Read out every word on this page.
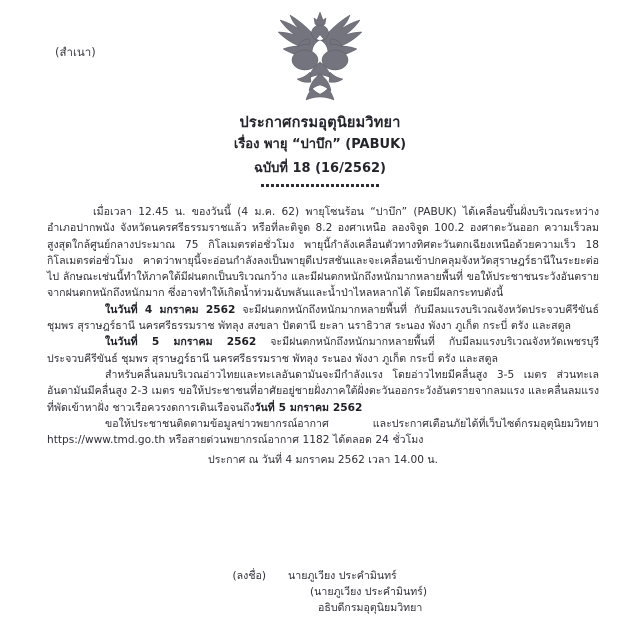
(สำเนา)
ประกาศกรมอุตุนิยมวิทยา
เรื่อง พายุ “ปาบึก” (PABUK)
ฉบับที่ 18 (16/2562)

เมื่อเวลา 12.45 น. ของวันนี้ (4 ม.ค. 62) พายุโซนร้อน “ปาบึก” (PABUK) ได้เคลื่อนขึ้นฝั่งบริเวณระหว่างอำเภอปากพนัง จังหวัดนครศรีธรรมราชแล้ว หรือที่ละติจูด 8.2 องศาเหนือ ลองจิจูด 100.2 องศาตะวันออก ความเร็วลมสูงสุดใกล้ศูนย์กลางประมาณ 75 กิโลเมตรต่อชั่วโมง พายุนี้กำลังเคลื่อนตัวทางทิศตะวันตกเฉียงเหนือด้วยความเร็ว 18 กิโลเมตรต่อชั่วโมง คาดว่าพายุนี้จะอ่อนกำลังลงเป็นพายุดีเปรสชันและจะเคลื่อนเข้าปกคลุมจังหวัดสุราษฎร์ธานีในระยะต่อไป ลักษณะเช่นนี้ทำให้ภาคใต้มีฝนตกเป็นบริเวณกว้าง และมีฝนตกหนักถึงหนักมากหลายพื้นที่ ขอให้ประชาชนระวังอันตรายจากฝนตกหนักถึงหนักมาก ซึ่งอาจทำให้เกิดน้ำท่วมฉับพลันและน้ำป่าไหลหลากได้ โดยมีผลกระทบดังนี้

ในวันที่ 4 มกราคม 2562 จะมีฝนตกหนักถึงหนักมากหลายพื้นที่ กับมีลมแรงบริเวณจังหวัดประจวบคีรีขันธ์ ชุมพร สุราษฎร์ธานี นครศรีธรรมราช พัทลุง สงขลา ปัตตานี ยะลา นราธิวาส ระนอง พังงา ภูเก็ต กระบี่ ตรัง และสตูล

ในวันที่ 5 มกราคม 2562 จะมีฝนตกหนักถึงหนักมากหลายพื้นที่ กับมีลมแรงบริเวณจังหวัดเพชรบุรี ประจวบคีรีขันธ์ ชุมพร สุราษฎร์ธานี นครศรีธรรมราช พัทลุง ระนอง พังงา ภูเก็ต กระบี่ ตรัง และสตูล

สำหรับคลื่นลมบริเวณอ่าวไทยและทะเลอันดามันจะมีกำลังแรง โดยอ่าวไทยมีคลื่นสูง 3-5 เมตร ส่วนทะเลอันดามันมีคลื่นสูง 2-3 เมตร ขอให้ประชาชนที่อาศัยอยู่ชายฝั่งภาคใต้ฝั่งตะวันออกระวังอันตรายจากลมแรง และคลื่นลมแรงที่พัดเข้าหาฝั่ง ชาวเรือควรงดการเดินเรือจนถึงวันที่ 5 มกราคม 2562

ขอให้ประชาชนติดตามข้อมูลข่าวพยากรณ์อากาศ และประกาศเตือนภัยได้ที่เว็บไซต์กรมอุตุนิยมวิทยา https://www.tmd.go.th หรือสายด่วนพยากรณ์อากาศ 1182 ได้ตลอด 24 ชั่วโมง

ประกาศ ณ วันที่ 4 มกราคม 2562 เวลา 14.00 น.

(ลงชื่อ)	นายภูเวียง ประคำมินทร์
(นายภูเวียง ประคำมินทร์)
อธิบดีกรมอุตุนิยมวิทยา
